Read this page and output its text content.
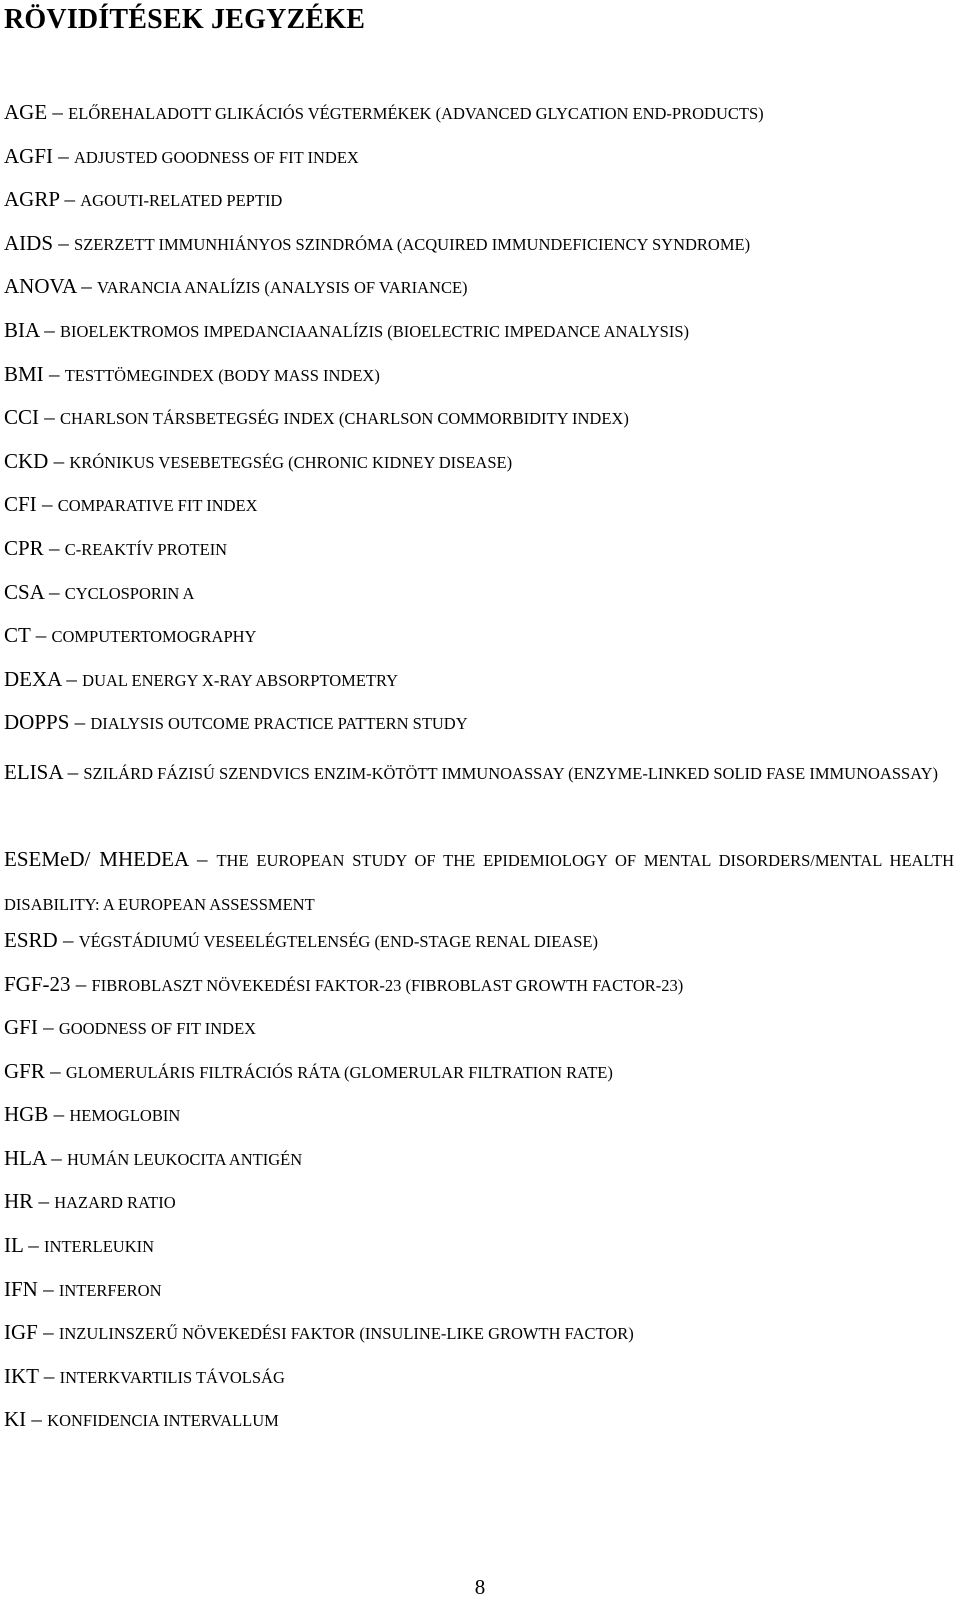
RÖVIDÍTÉSEK JEGYZÉKE
AGE – ELŐREHALADOTT GLIKÁCIÓS VÉGTERMÉKEK (ADVANCED GLYCATION END-PRODUCTS)
AGFI – ADJUSTED GOODNESS OF FIT INDEX
AGRP – AGOUTI-RELATED PEPTID
AIDS – SZERZETT IMMUNHIÁNYOS SZINDRÓMA (ACQUIRED IMMUNDEFICIENCY SYNDROME)
ANOVA – VARANCIA ANALÍZIS (ANALYSIS OF VARIANCE)
BIA – BIOELEKTROMOS IMPEDANCIAANALÍZIS (BIOELECTRIC IMPEDANCE ANALYSIS)
BMI – TESTTÖMEGINDEX (BODY MASS INDEX)
CCI – CHARLSON TÁRSBETEGSÉG INDEX (CHARLSON COMMORBIDITY INDEX)
CKD – KRÓNIKUS VESEBETEGSÉG (CHRONIC KIDNEY DISEASE)
CFI – COMPARATIVE FIT INDEX
CPR – C-REAKTÍV PROTEIN
CSA – CYCLOSPORIN A
CT – COMPUTERTOMOGRAPHY
DEXA – DUAL ENERGY X-RAY ABSORPTOMETRY
DOPPS – DIALYSIS OUTCOME PRACTICE PATTERN STUDY
ELISA – SZILÁRD FÁZISÚ SZENDVICS ENZIM-KÖTÖTT IMMUNOASSAY (ENZYME-LINKED SOLID FASE IMMUNOASSAY)
ESEMeD/ MHEDEA – THE EUROPEAN STUDY OF THE EPIDEMIOLOGY OF MENTAL DISORDERS/MENTAL HEALTH DISABILITY: A EUROPEAN ASSESSMENT
ESRD – VÉGSTÁDIUMÚ VESEELÉGTELENSÉG (END-STAGE RENAL DIEASE)
FGF-23 – FIBROBLASZT NÖVEKEDÉSI FAKTOR-23 (FIBROBLAST GROWTH FACTOR-23)
GFI – GOODNESS OF FIT INDEX
GFR – GLOMERULÁRIS FILTRÁCIÓS RÁTA (GLOMERULAR FILTRATION RATE)
HGB – HEMOGLOBIN
HLA – HUMÁN LEUKOCITA ANTIGÉN
HR – HAZARD RATIO
IL – INTERLEUKIN
IFN – INTERFERON
IGF – INZULINSZERŰ NÖVEKEDÉSI FAKTOR (INSULINE-LIKE GROWTH FACTOR)
IKT – INTERKVARTILIS TÁVOLSÁG
KI – KONFIDENCIA INTERVALLUM
8
